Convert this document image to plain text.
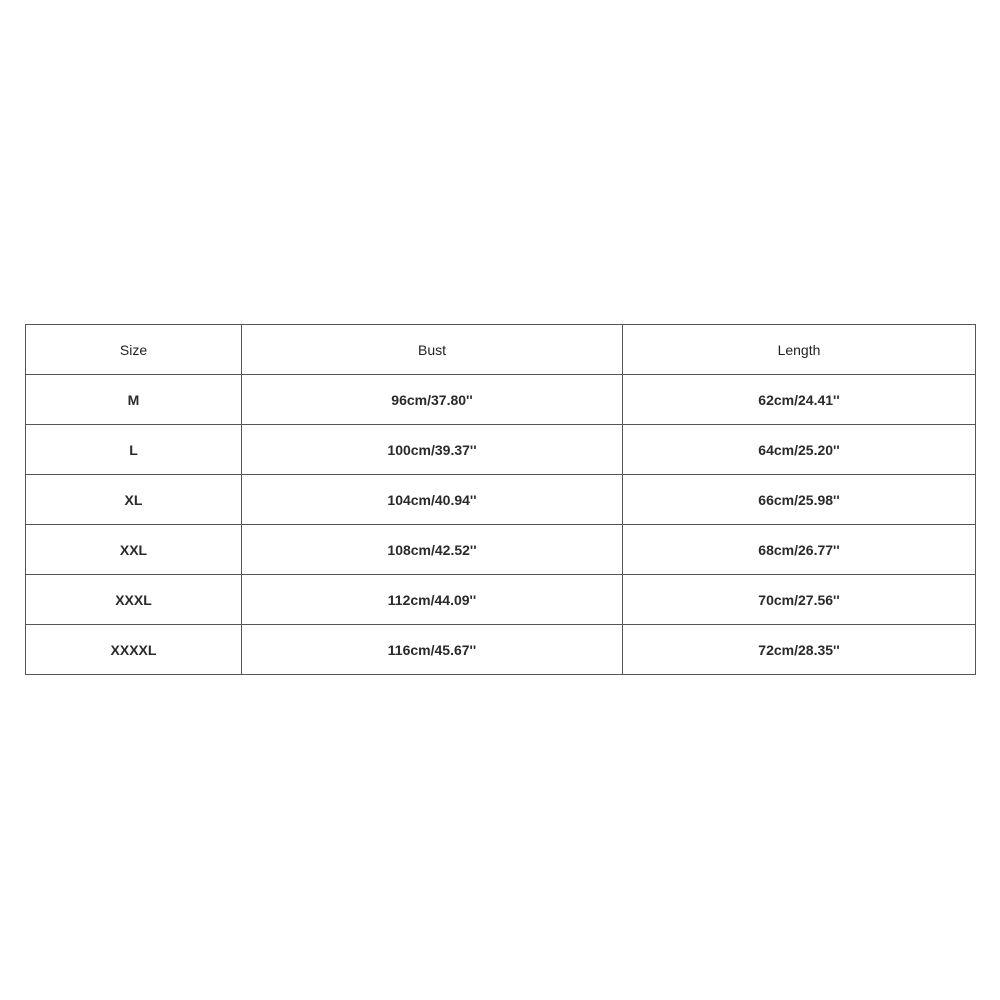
Size	Bust	Length
M	96cm/37.80''	62cm/24.41''
L	100cm/39.37''	64cm/25.20''
XL	104cm/40.94''	66cm/25.98''
XXL	108cm/42.52''	68cm/26.77''
XXXL	112cm/44.09''	70cm/27.56''
XXXXL	116cm/45.67''	72cm/28.35''
